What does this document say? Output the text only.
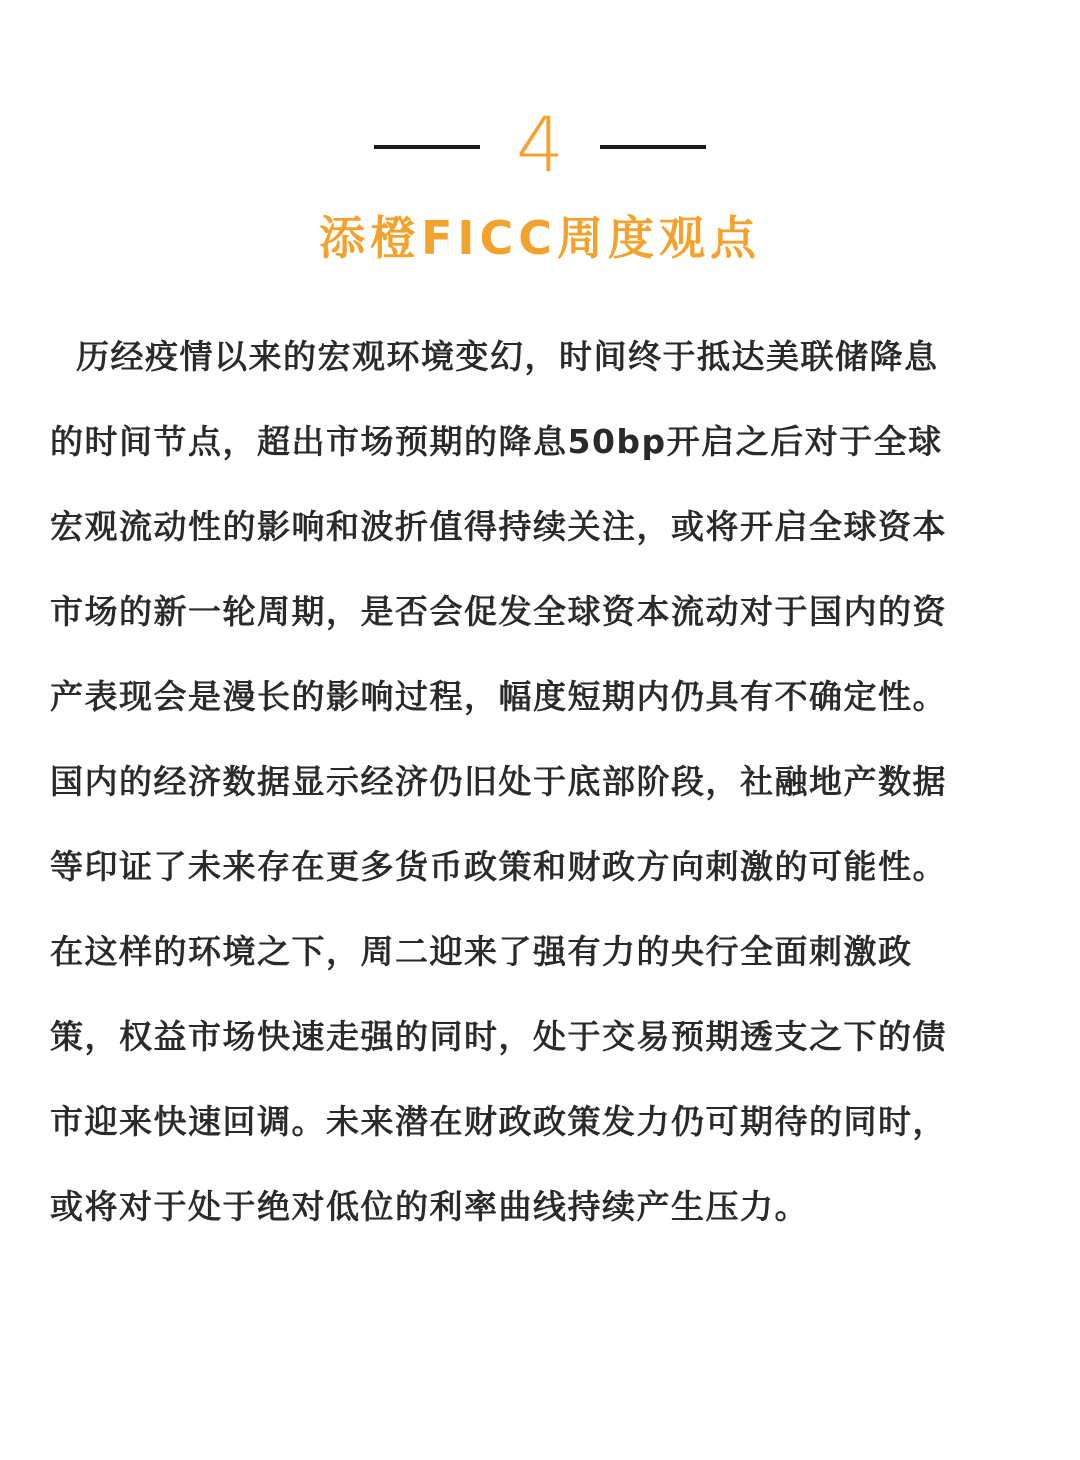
4
添橙FICC周度观点
历经疫情以来的宏观环境变幻，时间终于抵达美联储降息
的时间节点，超出市场预期的降息50bp开启之后对于全球
宏观流动性的影响和波折值得持续关注，或将开启全球资本
市场的新一轮周期，是否会促发全球资本流动对于国内的资
产表现会是漫长的影响过程，幅度短期内仍具有不确定性。
国内的经济数据显示经济仍旧处于底部阶段，社融地产数据
等印证了未来存在更多货币政策和财政方向刺激的可能性。
在这样的环境之下，周二迎来了强有力的央行全面刺激政
策，权益市场快速走强的同时，处于交易预期透支之下的债
市迎来快速回调。未来潜在财政政策发力仍可期待的同时，
或将对于处于绝对低位的利率曲线持续产生压力。
